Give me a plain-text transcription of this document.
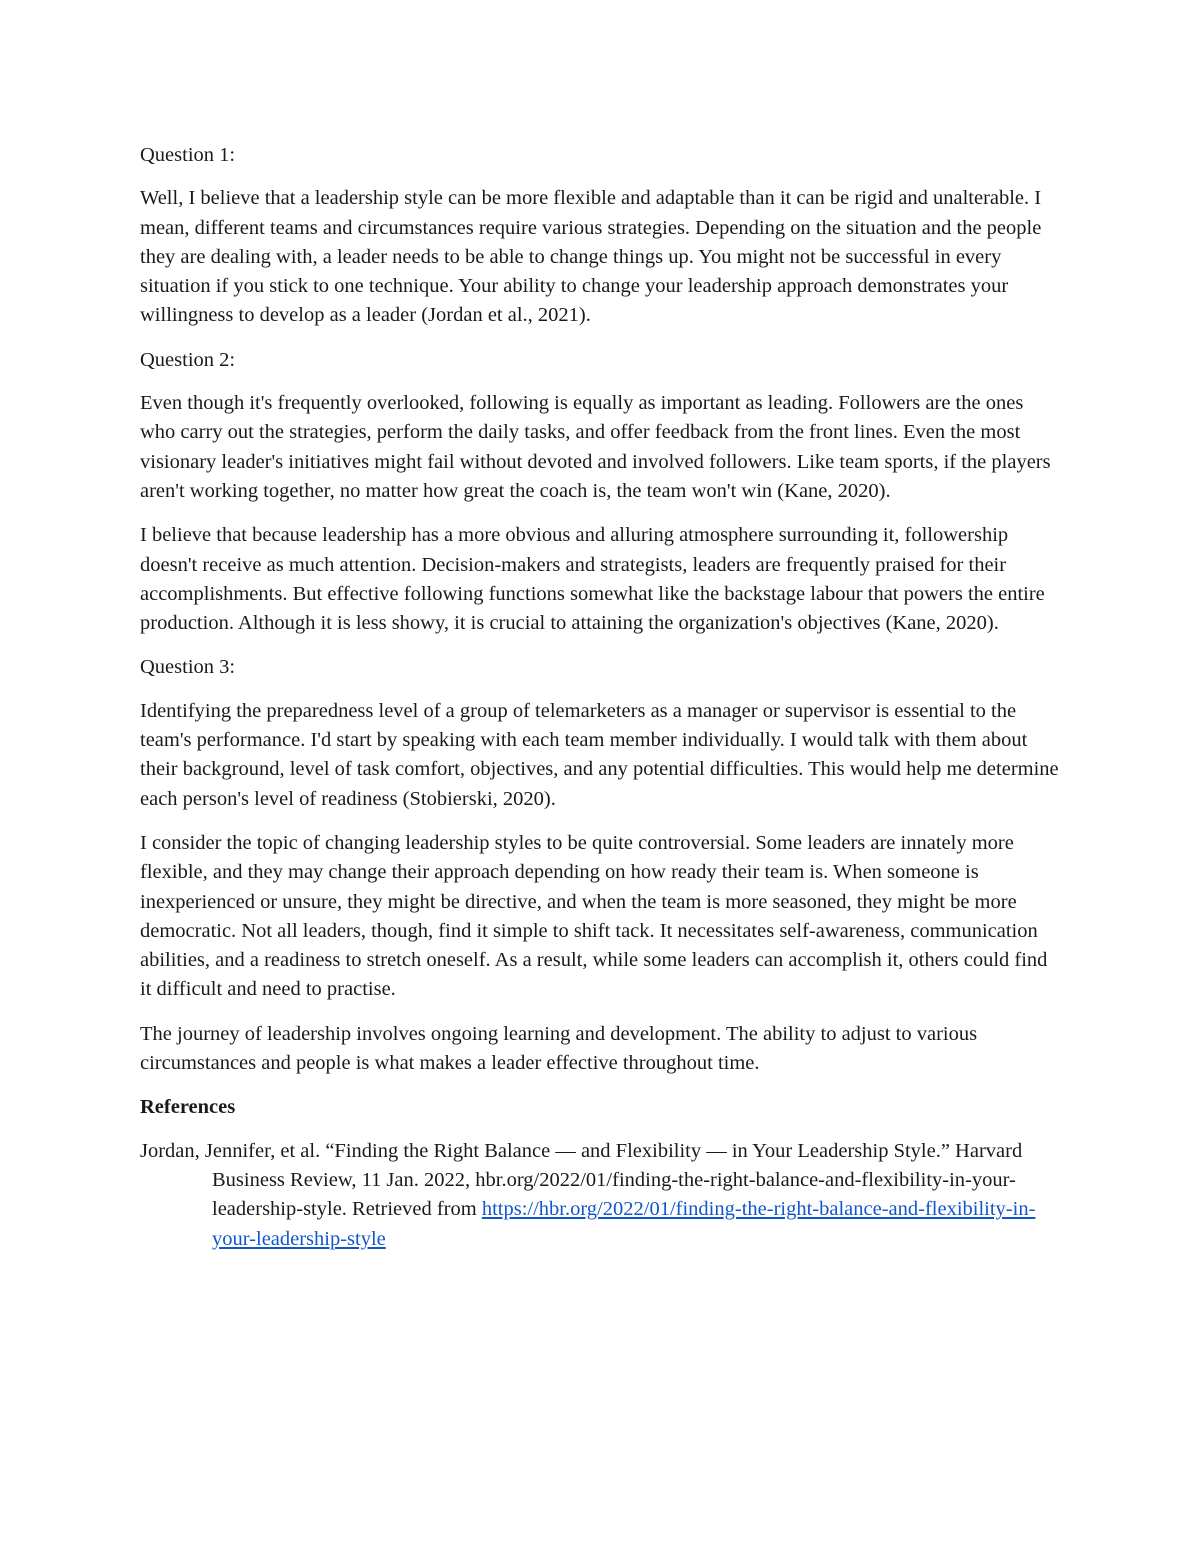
Question 1:

Well, I believe that a leadership style can be more flexible and adaptable than it can be rigid and unalterable. I mean, different teams and circumstances require various strategies. Depending on the situation and the people they are dealing with, a leader needs to be able to change things up. You might not be successful in every situation if you stick to one technique. Your ability to change your leadership approach demonstrates your willingness to develop as a leader (Jordan et al., 2021).

Question 2:

Even though it's frequently overlooked, following is equally as important as leading. Followers are the ones who carry out the strategies, perform the daily tasks, and offer feedback from the front lines. Even the most visionary leader's initiatives might fail without devoted and involved followers. Like team sports, if the players aren't working together, no matter how great the coach is, the team won't win (Kane, 2020).

I believe that because leadership has a more obvious and alluring atmosphere surrounding it, followership doesn't receive as much attention. Decision-makers and strategists, leaders are frequently praised for their accomplishments. But effective following functions somewhat like the backstage labour that powers the entire production. Although it is less showy, it is crucial to attaining the organization's objectives (Kane, 2020).

Question 3:

Identifying the preparedness level of a group of telemarketers as a manager or supervisor is essential to the team's performance. I'd start by speaking with each team member individually. I would talk with them about their background, level of task comfort, objectives, and any potential difficulties. This would help me determine each person's level of readiness (Stobierski, 2020).

I consider the topic of changing leadership styles to be quite controversial. Some leaders are innately more flexible, and they may change their approach depending on how ready their team is. When someone is inexperienced or unsure, they might be directive, and when the team is more seasoned, they might be more democratic. Not all leaders, though, find it simple to shift tack. It necessitates self-awareness, communication abilities, and a readiness to stretch oneself. As a result, while some leaders can accomplish it, others could find it difficult and need to practise.

The journey of leadership involves ongoing learning and development. The ability to adjust to various circumstances and people is what makes a leader effective throughout time.

References

Jordan, Jennifer, et al. “Finding the Right Balance — and Flexibility — in Your Leadership Style.” Harvard Business Review, 11 Jan. 2022, hbr.org/2022/01/finding-the-right-balance-and-flexibility-in-your-leadership-style. Retrieved from https://hbr.org/2022/01/finding-the-right-balance-and-flexibility-in-your-leadership-style
